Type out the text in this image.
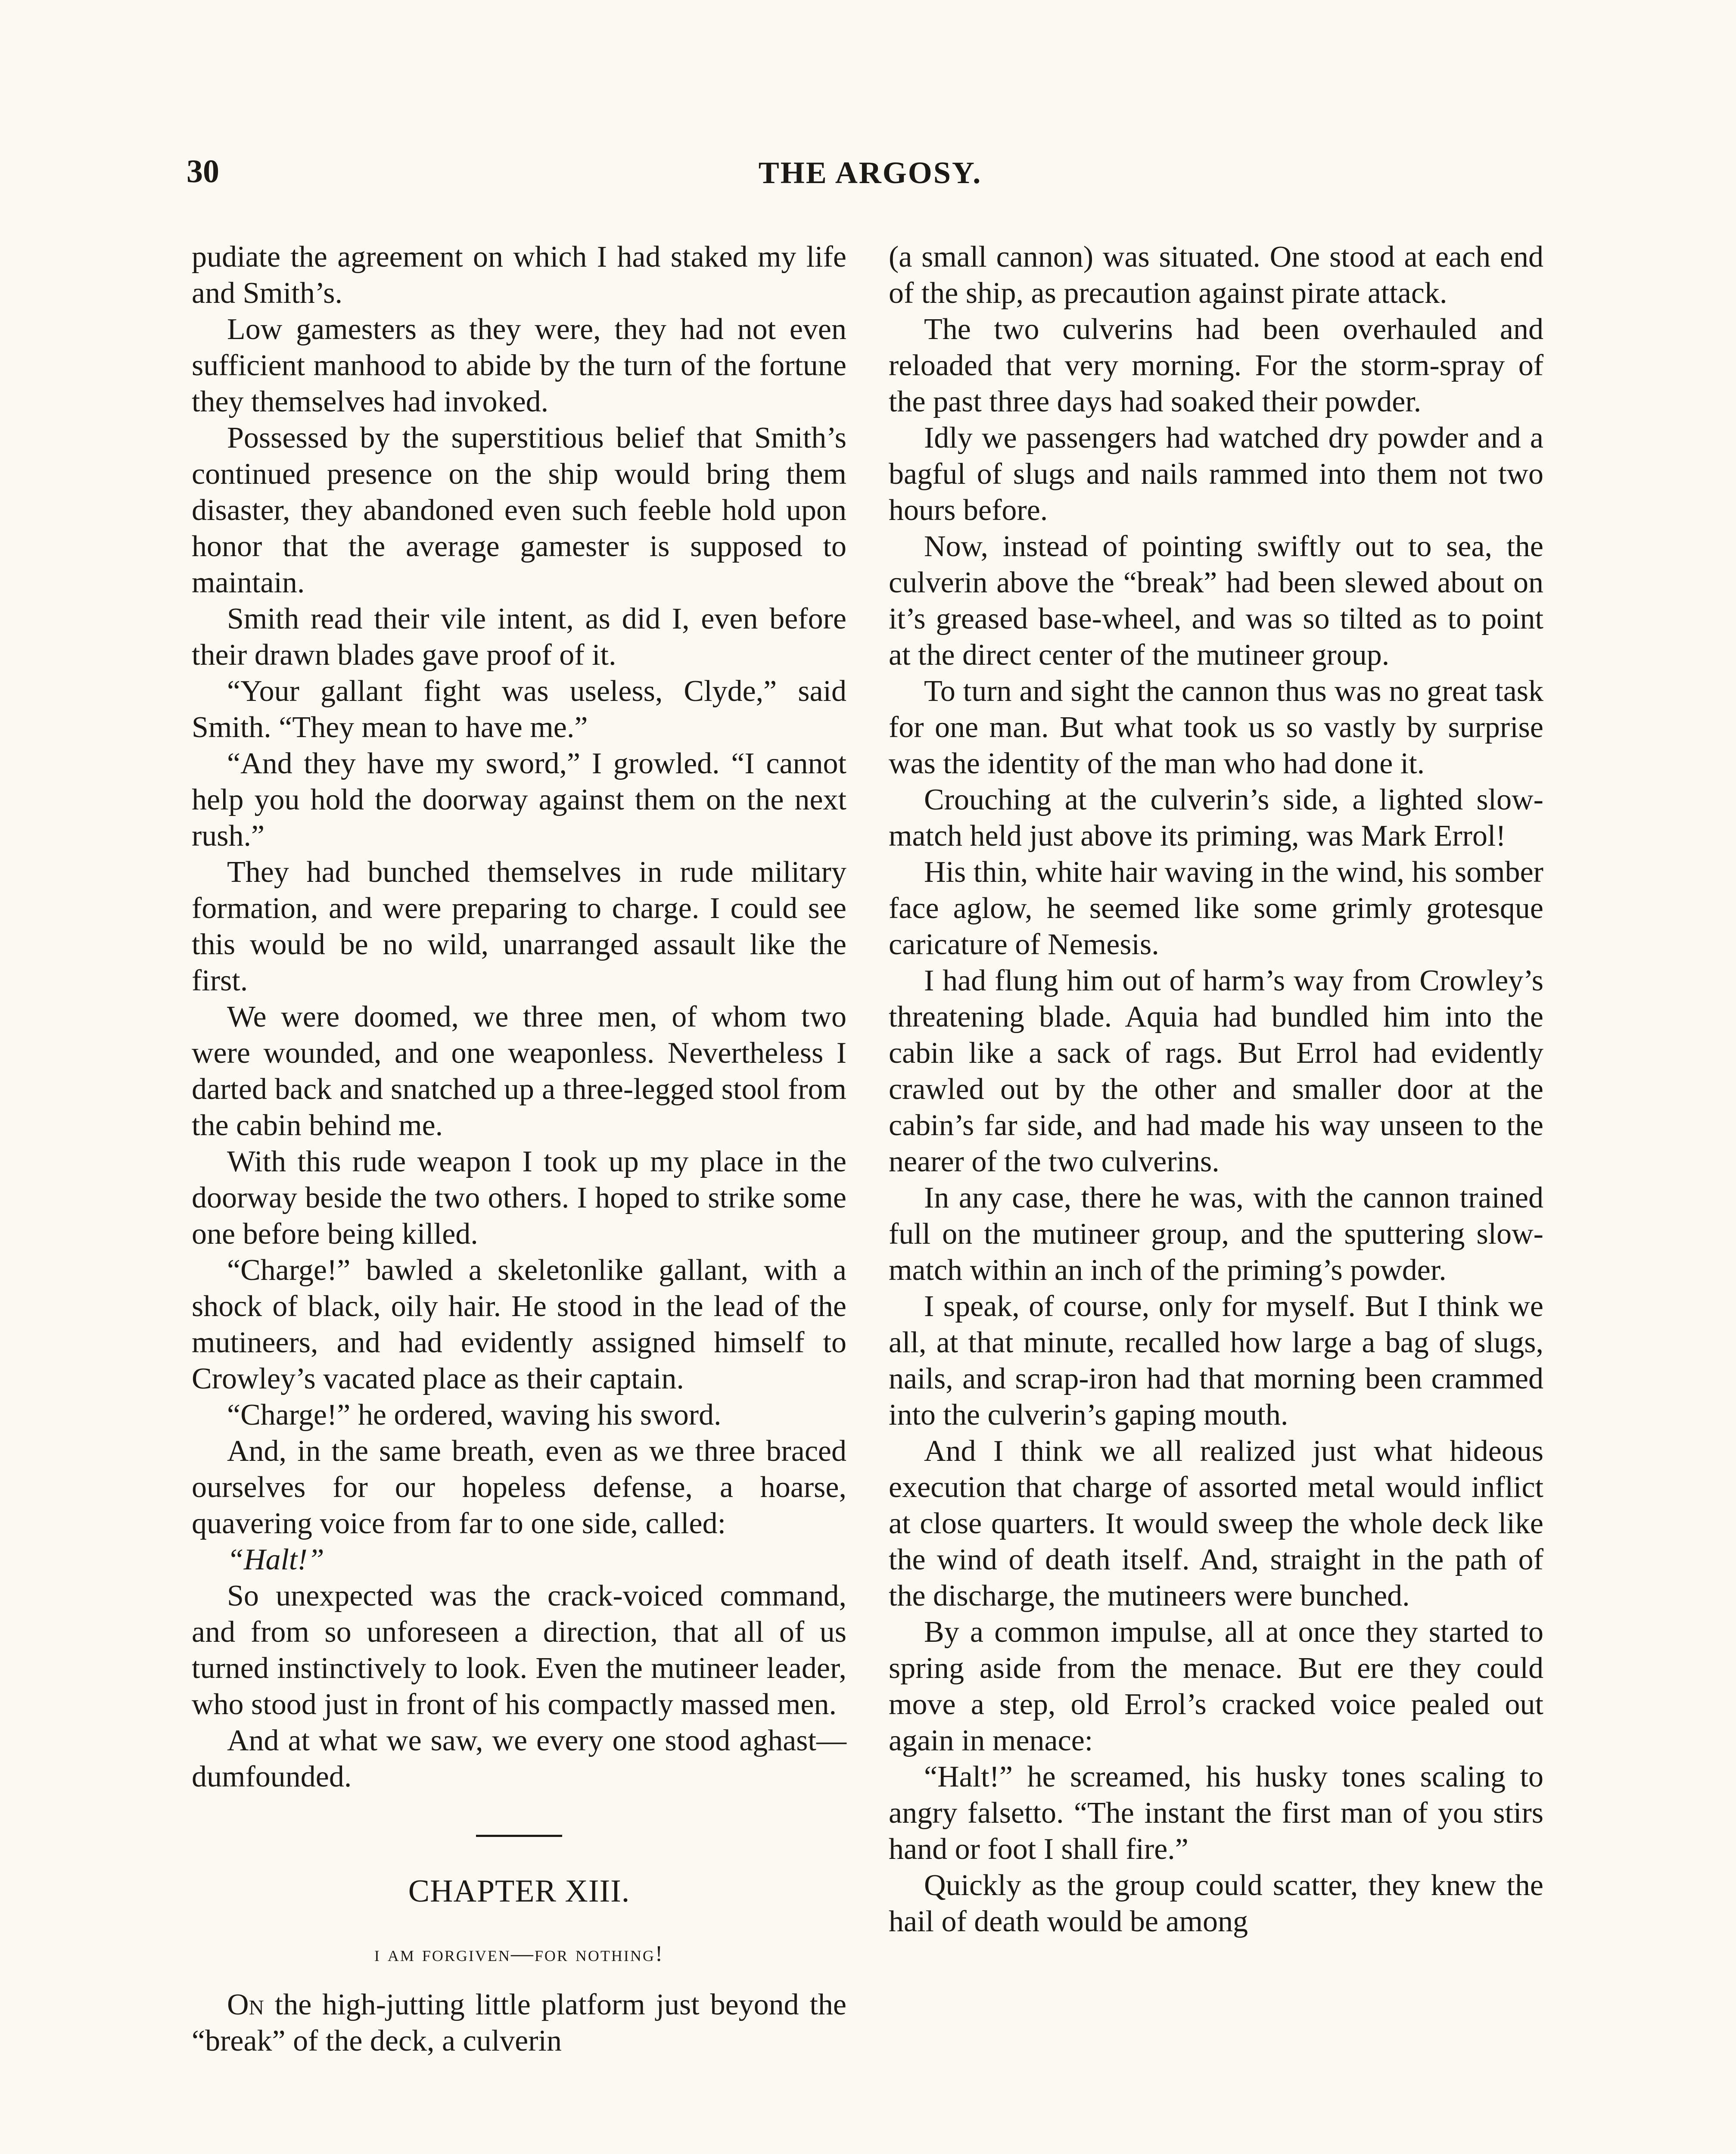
30	THE ARGOSY.

pudiate the agreement on which I had staked my life and Smith’s.

Low gamesters as they were, they had not even sufficient manhood to abide by the turn of the fortune they themselves had invoked.

Possessed by the superstitious belief that Smith’s continued presence on the ship would bring them disaster, they abandoned even such feeble hold upon honor that the average gamester is supposed to maintain.

Smith read their vile intent, as did I, even before their drawn blades gave proof of it.

“Your gallant fight was useless, Clyde,” said Smith. “They mean to have me.”

“And they have my sword,” I growled. “I cannot help you hold the doorway against them on the next rush.”

They had bunched themselves in rude military formation, and were preparing to charge. I could see this would be no wild, unarranged assault like the first.

We were doomed, we three men, of whom two were wounded, and one weaponless. Nevertheless I darted back and snatched up a three-legged stool from the cabin behind me.

With this rude weapon I took up my place in the doorway beside the two others. I hoped to strike some one before being killed.

“Charge!” bawled a skeletonlike gallant, with a shock of black, oily hair. He stood in the lead of the mutineers, and had evidently assigned himself to Crowley’s vacated place as their captain.

“Charge!” he ordered, waving his sword.

And, in the same breath, even as we three braced ourselves for our hopeless defense, a hoarse, quavering voice from far to one side, called:

“Halt!”

So unexpected was the crack-voiced command, and from so unforeseen a direction, that all of us turned instinctively to look. Even the mutineer leader, who stood just in front of his compactly massed men.

And at what we saw, we every one stood aghast—dumfounded.

CHAPTER XIII.
i am forgiven—for nothing!

On the high-jutting little platform just beyond the “break” of the deck, a culverin

(a small cannon) was situated. One stood at each end of the ship, as precaution against pirate attack.

The two culverins had been overhauled and reloaded that very morning. For the storm-spray of the past three days had soaked their powder.

Idly we passengers had watched dry powder and a bagful of slugs and nails rammed into them not two hours before.

Now, instead of pointing swiftly out to sea, the culverin above the “break” had been slewed about on it’s greased base-wheel, and was so tilted as to point at the direct center of the mutineer group.

To turn and sight the cannon thus was no great task for one man. But what took us so vastly by surprise was the identity of the man who had done it.

Crouching at the culverin’s side, a lighted slow-match held just above its priming, was Mark Errol!

His thin, white hair waving in the wind, his somber face aglow, he seemed like some grimly grotesque caricature of Nemesis.

I had flung him out of harm’s way from Crowley’s threatening blade. Aquia had bundled him into the cabin like a sack of rags. But Errol had evidently crawled out by the other and smaller door at the cabin’s far side, and had made his way unseen to the nearer of the two culverins.

In any case, there he was, with the cannon trained full on the mutineer group, and the sputtering slow-match within an inch of the priming’s powder.

I speak, of course, only for myself. But I think we all, at that minute, recalled how large a bag of slugs, nails, and scrap-iron had that morning been crammed into the culverin’s gaping mouth.

And I think we all realized just what hideous execution that charge of assorted metal would inflict at close quarters. It would sweep the whole deck like the wind of death itself. And, straight in the path of the discharge, the mutineers were bunched.

By a common impulse, all at once they started to spring aside from the menace. But ere they could move a step, old Errol’s cracked voice pealed out again in menace:

“Halt!” he screamed, his husky tones scaling to angry falsetto. “The instant the first man of you stirs hand or foot I shall fire.”

Quickly as the group could scatter, they knew the hail of death would be among
